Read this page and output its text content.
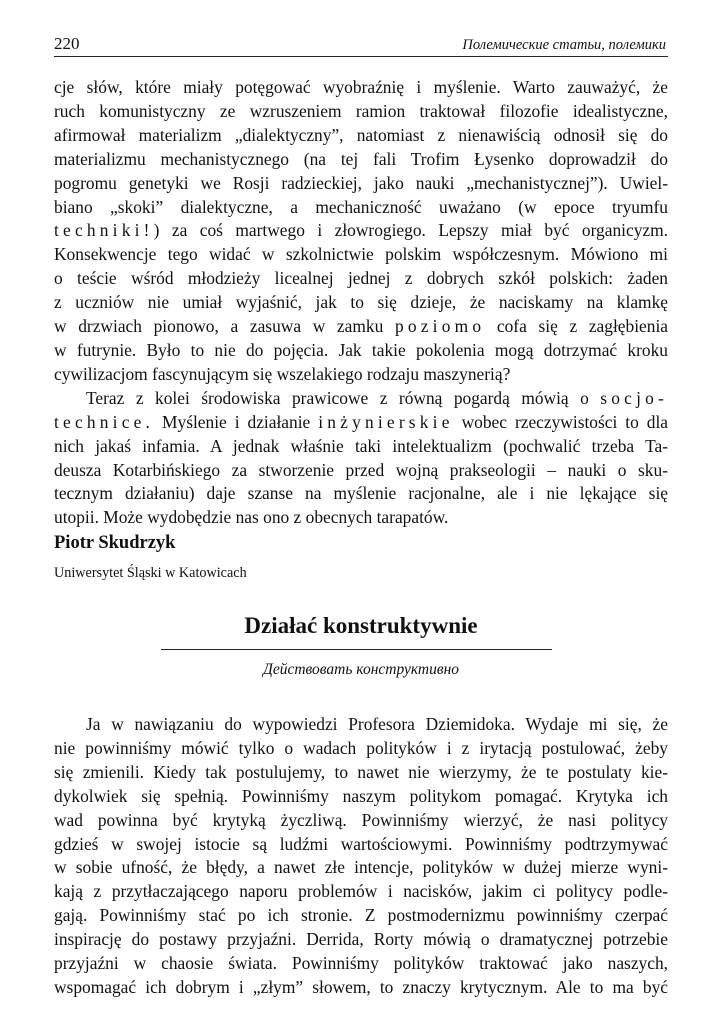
220	Полемические статьи, полемики

cje słów, które miały potęgować wyobraźnię i myślenie. Warto zauważyć, że
ruch komunistyczny ze wzruszeniem ramion traktował filozofie idealistyczne,
afirmował materializm „dialektyczny”, natomiast z nienawiścią odnosił się do
materializmu mechanistycznego (na tej fali Trofim Łysenko doprowadził do
pogromu genetyki we Rosji radzieckiej, jako nauki „mechanistycznej”). Uwiel-
biano „skoki” dialektyczne, a mechaniczność uważano (w epoce tryumfu
techniki!) za coś martwego i złowrogiego. Lepszy miał być organicyzm.
Konsekwencje tego widać w szkolnictwie polskim współczesnym. Mówiono mi
o teście wśród młodzieży licealnej jednej z dobrych szkół polskich: żaden
z uczniów nie umiał wyjaśnić, jak to się dzieje, że naciskamy na klamkę
w drzwiach pionowo, a zasuwa w zamku poziomo cofa się z zagłębienia
w futrynie. Było to nie do pojęcia. Jak takie pokolenia mogą dotrzymać kroku
cywilizacjom fascynującym się wszelakiego rodzaju maszynerią?

Teraz z kolei środowiska prawicowe z równą pogardą mówią o socjo-
technice. Myślenie i działanie inżynierskie wobec rzeczywistości to dla
nich jakaś infamia. A jednak właśnie taki intelektualizm (pochwalić trzeba Ta-
deusza Kotarbińskiego za stworzenie przed wojną prakseologii – nauki o sku-
tecznym działaniu) daje szanse na myślenie racjonalne, ale i nie lękające się
utopii. Może wydobędzie nas ono z obecnych tarapatów.

Piotr Skudrzyk
Uniwersytet Śląski w Katowicach
Działać konstruktywnie
Действовать конструктивно

Ja w nawiązaniu do wypowiedzi Profesora Dziemidoka. Wydaje mi się, że
nie powinniśmy mówić tylko o wadach polityków i z irytacją postulować, żeby
się zmienili. Kiedy tak postulujemy, to nawet nie wierzymy, że te postulaty kie-
dykolwiek się spełnią. Powinniśmy naszym politykom pomagać. Krytyka ich
wad powinna być krytyką życzliwą. Powinniśmy wierzyć, że nasi politycy
gdzieś w swojej istocie są ludźmi wartościowymi. Powinniśmy podtrzymywać
w sobie ufność, że błędy, a nawet złe intencje, polityków w dużej mierze wyni-
kają z przytłaczającego naporu problemów i nacisków, jakim ci politycy podle-
gają. Powinniśmy stać po ich stronie. Z postmodernizmu powinniśmy czerpać
inspirację do postawy przyjaźni. Derrida, Rorty mówią o dramatycznej potrzebie
przyjaźni w chaosie świata. Powinniśmy polityków traktować jako naszych,
wspomagać ich dobrym i „złym” słowem, to znaczy krytycznym. Ale to ma być
